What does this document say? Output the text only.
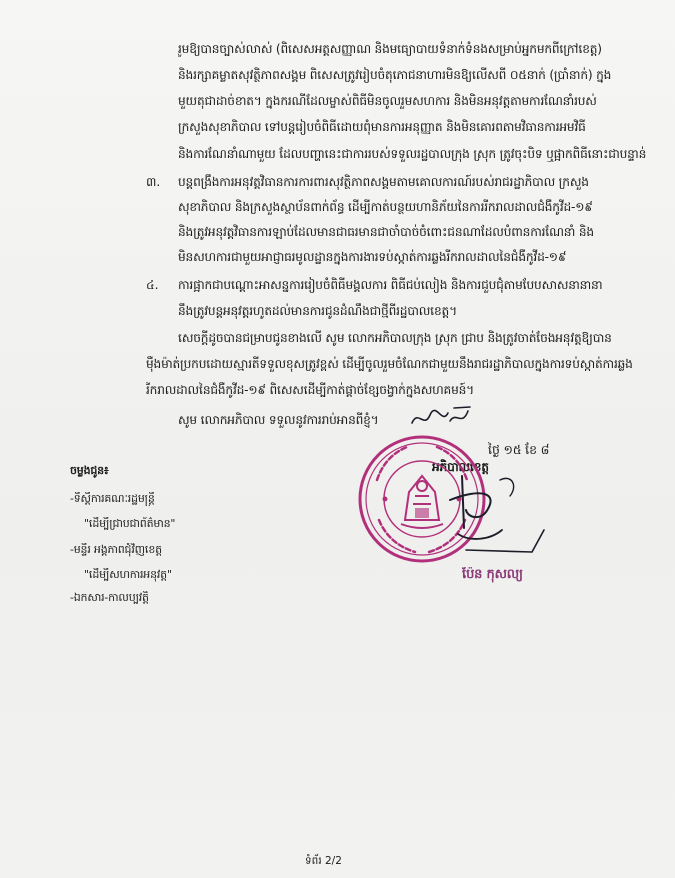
រួមឱ្យបានច្បាស់លាស់ (ពិសេសអត្តសញ្ញាណ និងមធ្យោបាយទំនាក់ទំនងសម្រាប់អ្នកមកពីក្រៅខេត្ត)
និងរក្សាគម្លាតសុវត្ថិភាពសង្គម ពិសេសត្រូវរៀបចំតុភោជនាហារមិនឱ្យលើសពី ០៥នាក់ (ប្រាំនាក់) ក្នុង
មួយតុជាដាច់ខាត។ ក្នុងករណីដែលម្ចាស់ពិធីមិនចូលរួមសហការ និងមិនអនុវត្តតាមការណែនាំរបស់
ក្រសួងសុខាភិបាល ទៅបន្តរៀបចំពិធីដោយពុំមានការអនុញ្ញាត និងមិនគោរពតាមវិធានការអមវិធី
និងការណែនាំណាមួយ ដែលបញ្ហានេះជាការរបស់ទទួលរដ្ឋបាលក្រុង ស្រុក ត្រូវចុះបិទ ឬផ្អាកពិធីនោះជាបន្ទាន់
៣. បន្តពង្រឹងការអនុវត្តវិធានការការពារសុវត្ថិភាពសង្គមតាមគោលការណ៍របស់រាជរដ្ឋាភិបាល ក្រសួង
សុខាភិបាល និងក្រសួងស្ថាប័នពាក់ព័ន្ធ ដើម្បីកាត់បន្ថយហានិភ័យនៃការរីករាលដាលជំងឺកូវីដ-១៩
និងត្រូវអនុវត្តវិធានការឡាប់ដែលមានជាធរមានជាចាំបាច់ចំពោះជនណាដែលបំពានការណែនាំ និង
មិនសហការជាមួយអាជ្ញាធរមូលដ្ឋានក្នុងការងារទប់ស្កាត់ការឆ្លងរីករាលដាលនៃជំងឺកូវីដ-១៩
៤. ការផ្អាកជាបណ្ដោះអាសន្នការរៀបចំពិធីមង្គលការ ពិធីជប់លៀង និងការជួបជុំតាមបែបសាសនានានា
នឹងត្រូវបន្តអនុវត្តរហូតដល់មានការជូនដំណឹងជាថ្មីពីរដ្ឋបាលខេត្ត។
សេចក្តីដូចបានជម្រាបជូនខាងលើ សូម លោកអភិបាលក្រុង ស្រុក ជ្រាប និងត្រូវចាត់ចែងអនុវត្តឱ្យបាន
ម៉ឺងម៉ាត់ប្រកបដោយស្មារតីទទួលខុសត្រូវខ្ពស់ ដើម្បីចូលរួមចំណែកជាមួយនឹងរាជរដ្ឋាភិបាលក្នុងការទប់ស្កាត់ការឆ្លង
រីករាលដាលនៃជំងឺកូវីដ-១៩ ពិសេសដើម្បីកាត់ផ្តាច់ខ្សែចង្វាក់ក្នុងសហគមន៍។
សូម លោកអភិបាល ទទួលនូវការរាប់អានពីខ្ញុំ។
ថ្ងៃ ១៥ ខែ ៨
អភិបាលខេត្ត
ប៉ែន កុសល្យ
ចម្លងជូន៖
-ទីស្តីការគណៈរដ្ឋមន្ត្រី
"ដើម្បីជ្រាបជាព័ត៌មាន"
-មន្ទីរ អង្គភាពជុំវិញខេត្ត
"ដើម្បីសហការអនុវត្ត"
-ឯកសារ-កាលប្បវត្តិ
ទំព័រ 2/2
